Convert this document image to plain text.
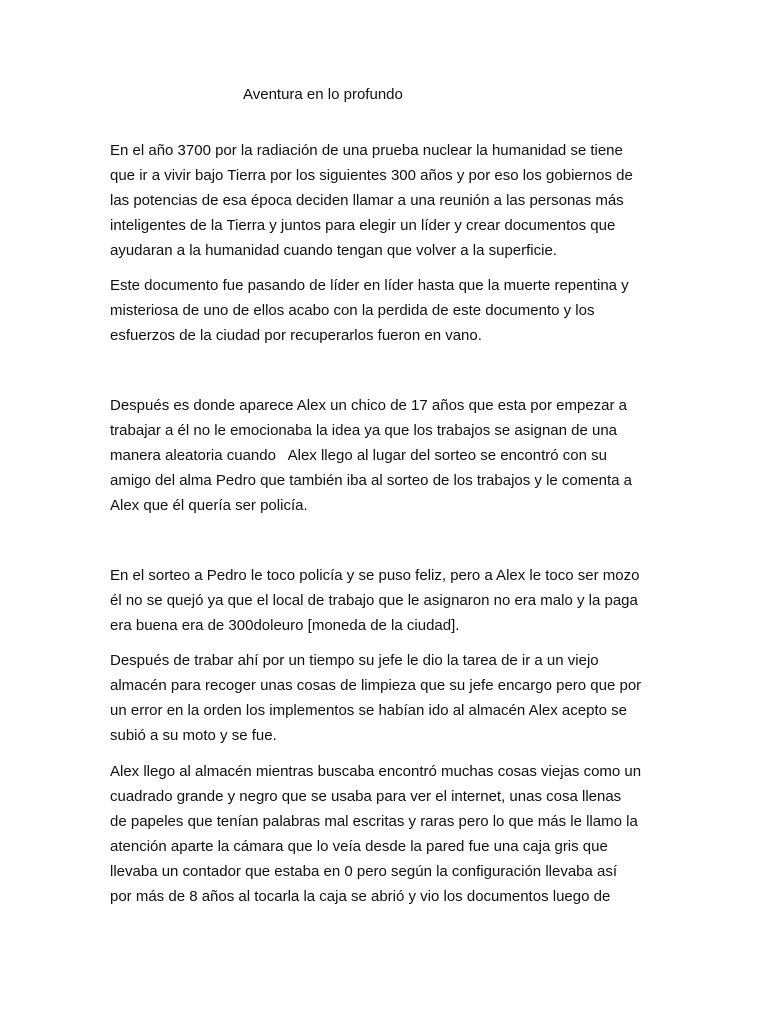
Aventura en lo profundo
En el año 3700 por la radiación de una prueba nuclear la humanidad se tiene
que ir a vivir bajo Tierra por los siguientes 300 años y por eso los gobiernos de
las potencias de esa época deciden llamar a una reunión a las personas más
inteligentes de la Tierra y juntos para elegir un líder y crear documentos que
ayudaran a la humanidad cuando tengan que volver a la superficie.
Este documento fue pasando de líder en líder hasta que la muerte repentina y
misteriosa de uno de ellos acabo con la perdida de este documento y los
esfuerzos de la ciudad por recuperarlos fueron en vano.
Después es donde aparece Alex un chico de 17 años que esta por empezar a
trabajar a él no le emocionaba la idea ya que los trabajos se asignan de una
manera aleatoria cuando   Alex llego al lugar del sorteo se encontró con su
amigo del alma Pedro que también iba al sorteo de los trabajos y le comenta a
Alex que él quería ser policía.
En el sorteo a Pedro le toco policía y se puso feliz, pero a Alex le toco ser mozo
él no se quejó ya que el local de trabajo que le asignaron no era malo y la paga
era buena era de 300doleuro [moneda de la ciudad].
Después de trabar ahí por un tiempo su jefe le dio la tarea de ir a un viejo
almacén para recoger unas cosas de limpieza que su jefe encargo pero que por
un error en la orden los implementos se habían ido al almacén Alex acepto se
subió a su moto y se fue.
Alex llego al almacén mientras buscaba encontró muchas cosas viejas como un
cuadrado grande y negro que se usaba para ver el internet, unas cosa llenas
de papeles que tenían palabras mal escritas y raras pero lo que más le llamo la
atención aparte la cámara que lo veía desde la pared fue una caja gris que
llevaba un contador que estaba en 0 pero según la configuración llevaba así
por más de 8 años al tocarla la caja se abrió y vio los documentos luego de
